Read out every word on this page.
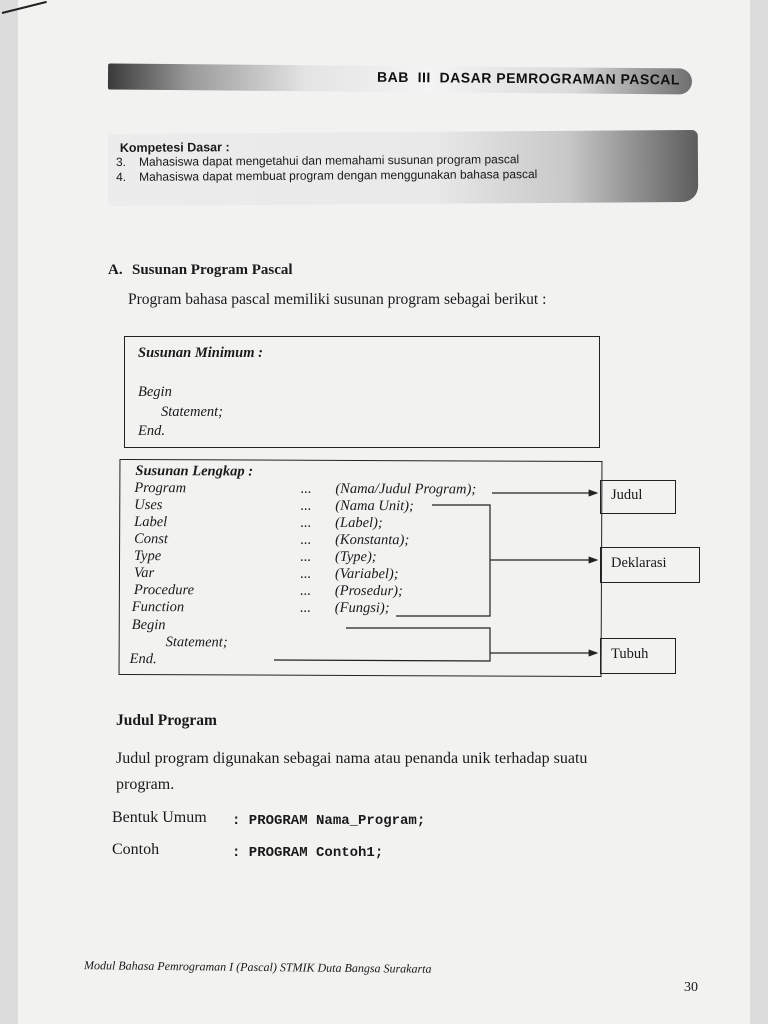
BAB  III  DASAR PEMROGRAMAN PASCAL
Kompetesi Dasar :
3. Mahasiswa dapat mengetahui dan memahami susunan program pascal
4. Mahasiswa dapat membuat program dengan menggunakan bahasa pascal
A. Susunan Program Pascal
Program bahasa pascal memiliki susunan program sebagai berikut :
Susunan Minimum :
Begin
Statement;
End.
Susunan Lengkap :
Program	... (Nama/Judul Program);
Uses	... (Nama Unit);
Label	... (Label);
Const	... (Konstanta);
Type	... (Type);
Var	... (Variabel);
Procedure	... (Prosedur);
Function	... (Fungsi);
Begin
Statement;
End.
Judul
Deklarasi
Tubuh
Judul Program
Judul program digunakan sebagai nama atau penanda unik terhadap suatu
program.
Bentuk Umum : PROGRAM Nama_Program;
Contoh	: PROGRAM Contoh1;
Modul Bahasa Pemrograman I (Pascal) STMIK Duta Bangsa Surakarta
30
